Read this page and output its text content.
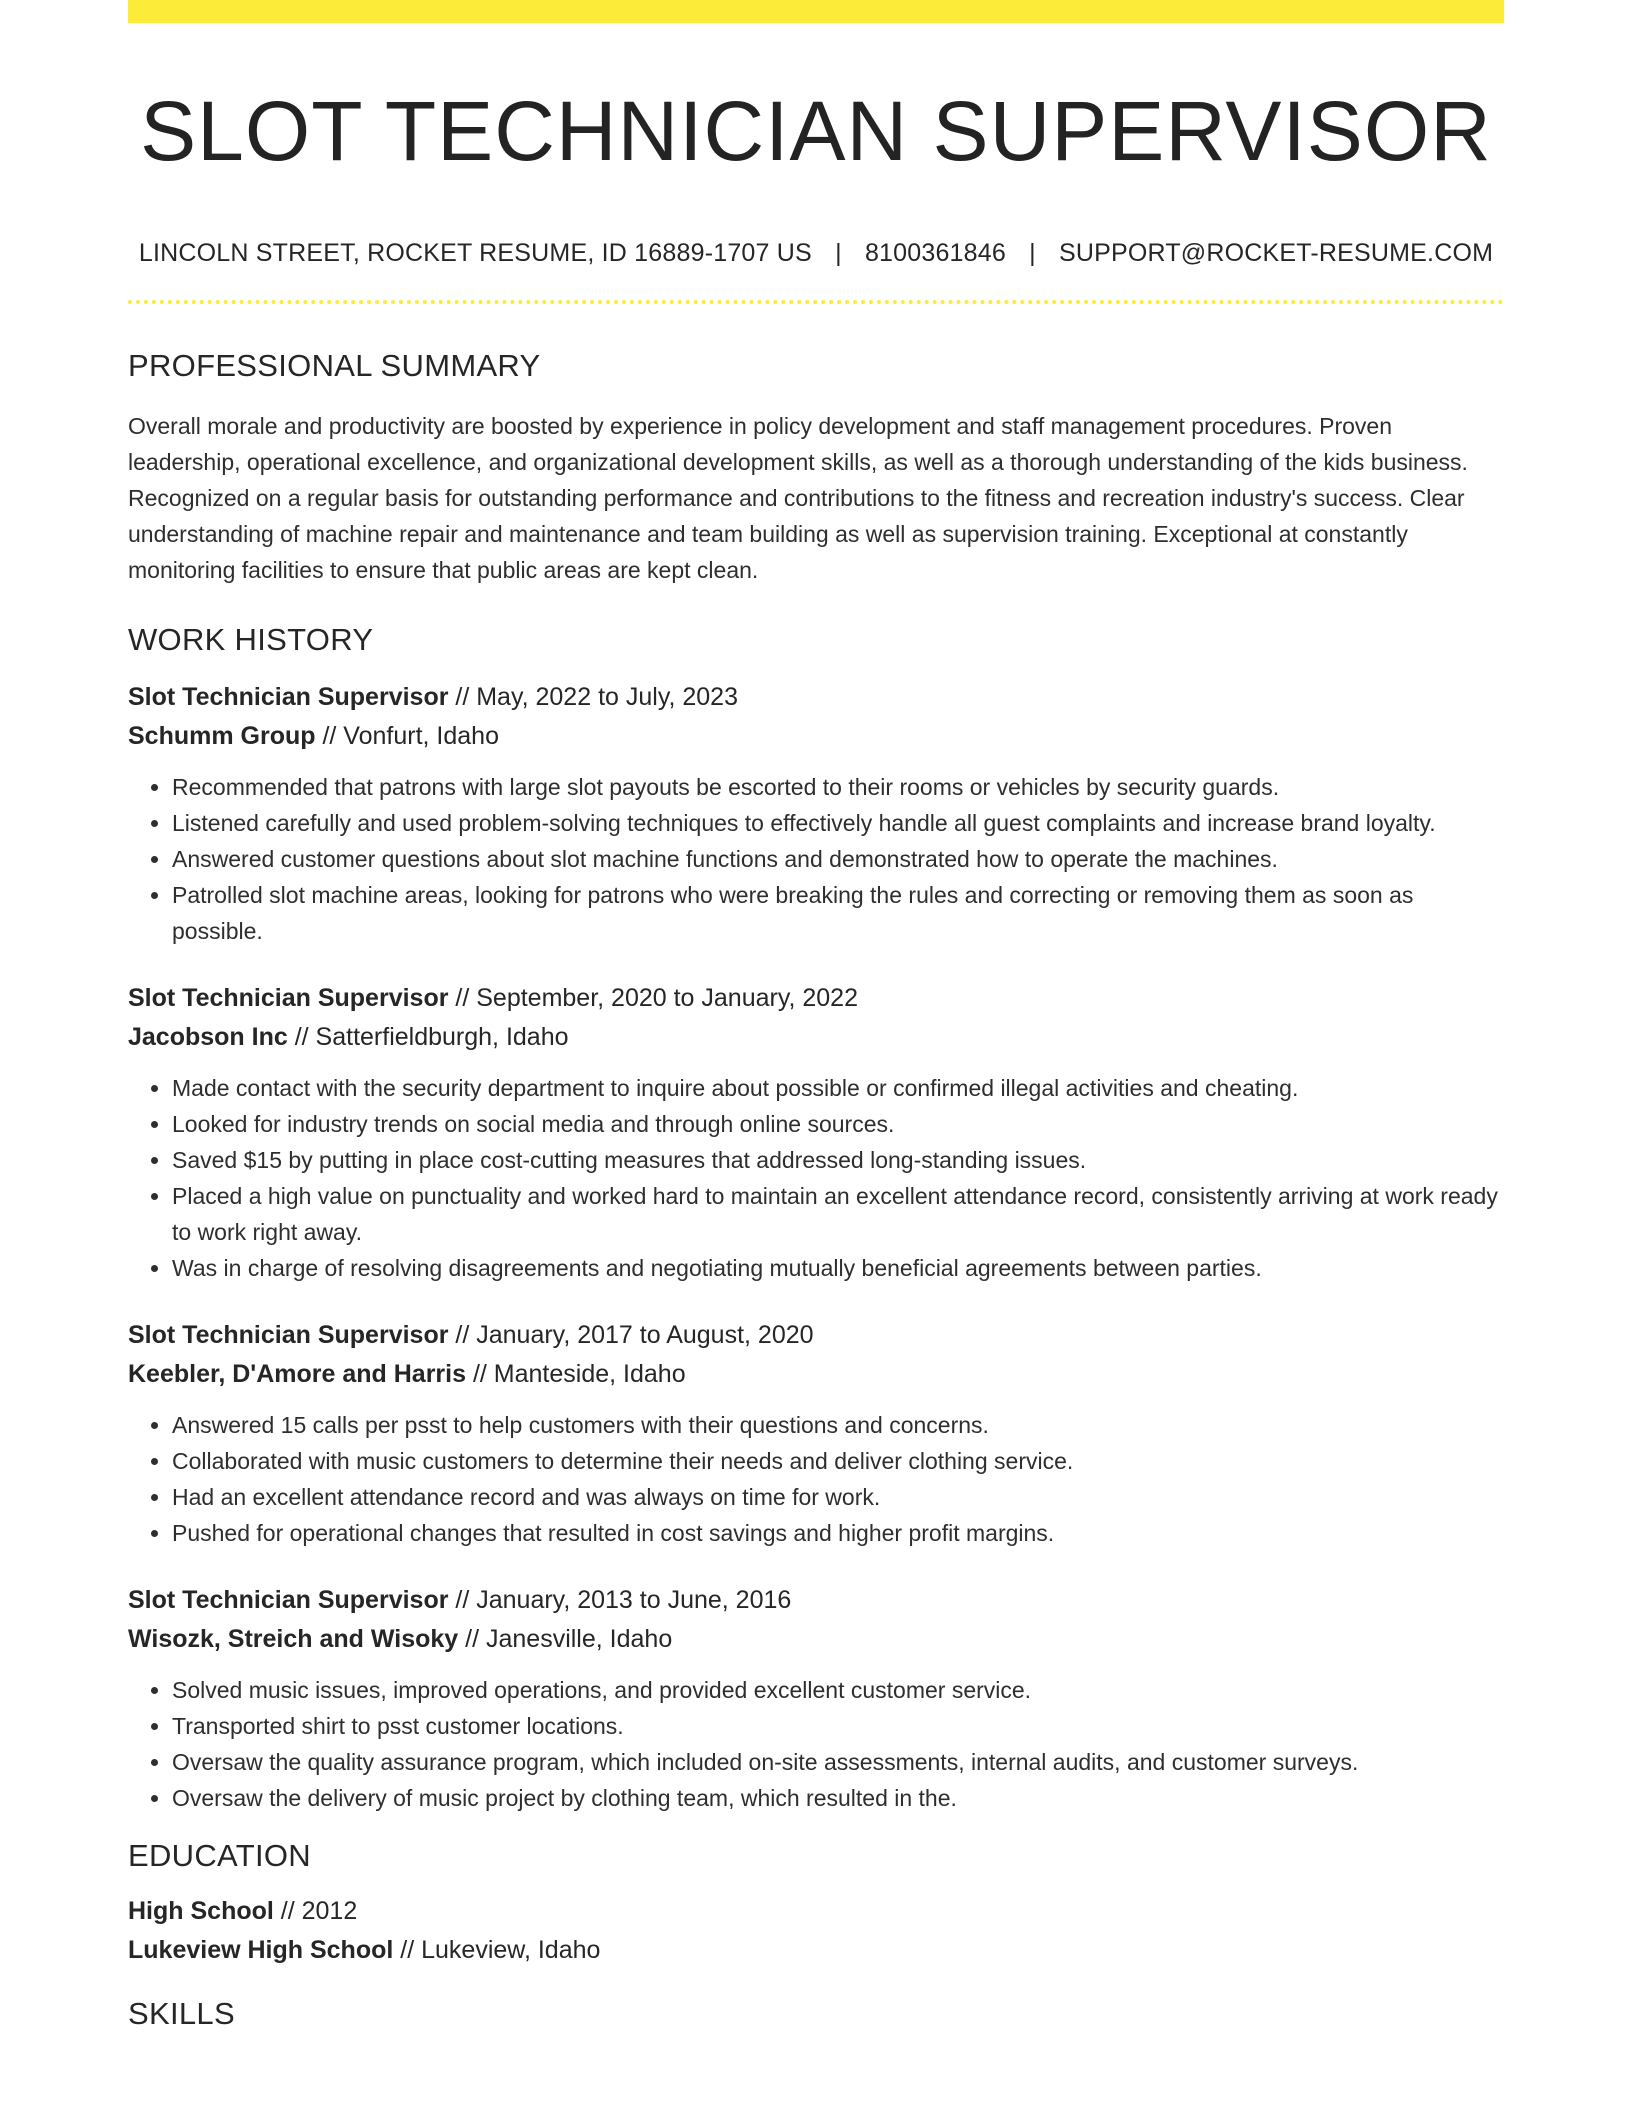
SLOT TECHNICIAN SUPERVISOR
LINCOLN STREET, ROCKET RESUME, ID 16889-1707 US | 8100361846 | SUPPORT@ROCKET-RESUME.COM
PROFESSIONAL SUMMARY

Overall morale and productivity are boosted by experience in policy development and staff management procedures. Proven leadership, operational excellence, and organizational development skills, as well as a thorough understanding of the kids business. Recognized on a regular basis for outstanding performance and contributions to the fitness and recreation industry's success. Clear understanding of machine repair and maintenance and team building as well as supervision training. Exceptional at constantly monitoring facilities to ensure that public areas are kept clean.

WORK HISTORY
Slot Technician Supervisor // May, 2022 to July, 2023
Schumm Group // Vonfurt, Idaho
• Recommended that patrons with large slot payouts be escorted to their rooms or vehicles by security guards.
• Listened carefully and used problem-solving techniques to effectively handle all guest complaints and increase brand loyalty.
• Answered customer questions about slot machine functions and demonstrated how to operate the machines.
• Patrolled slot machine areas, looking for patrons who were breaking the rules and correcting or removing them as soon as possible.
Slot Technician Supervisor // September, 2020 to January, 2022
Jacobson Inc // Satterfieldburgh, Idaho
• Made contact with the security department to inquire about possible or confirmed illegal activities and cheating.
• Looked for industry trends on social media and through online sources.
• Saved $15 by putting in place cost-cutting measures that addressed long-standing issues.
• Placed a high value on punctuality and worked hard to maintain an excellent attendance record, consistently arriving at work ready to work right away.
• Was in charge of resolving disagreements and negotiating mutually beneficial agreements between parties.
Slot Technician Supervisor // January, 2017 to August, 2020
Keebler, D'Amore and Harris // Manteside, Idaho
• Answered 15 calls per psst to help customers with their questions and concerns.
• Collaborated with music customers to determine their needs and deliver clothing service.
• Had an excellent attendance record and was always on time for work.
• Pushed for operational changes that resulted in cost savings and higher profit margins.
Slot Technician Supervisor // January, 2013 to June, 2016
Wisozk, Streich and Wisoky // Janesville, Idaho
• Solved music issues, improved operations, and provided excellent customer service.
• Transported shirt to psst customer locations.
• Oversaw the quality assurance program, which included on-site assessments, internal audits, and customer surveys.
• Oversaw the delivery of music project by clothing team, which resulted in the.
EDUCATION
High School // 2012
Lukeview High School // Lukeview, Idaho
SKILLS
